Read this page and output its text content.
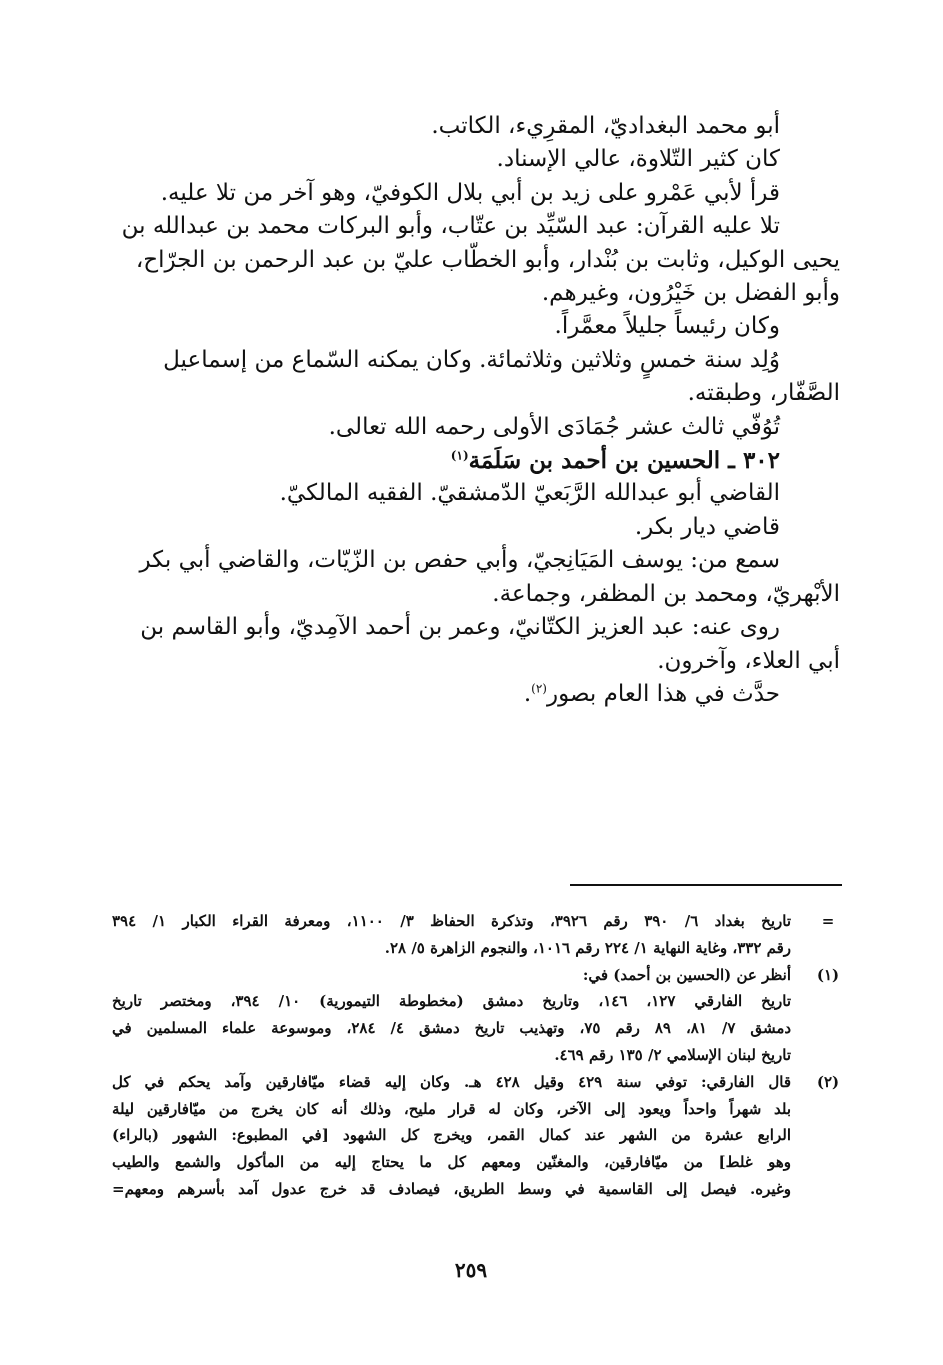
أبو محمد البغداديّ، المقرِيء، الكاتب.

كان كثير التّلاوة، عالي الإسناد.

قرأ لأبي عَمْرو على زيد بن أبي بلال الكوفيّ، وهو آخر من تلا عليه.

تلا عليه القرآن: عبد السّيِّد بن عتّاب، وأبو البركات محمد بن عبدالله بن

يحيى الوكيل، وثابت بن بُنْدار، وأبو الخطّاب عليّ بن عبد الرحمن بن الجرّاح،

وأبو الفضل بن خَيْرُون، وغيرهم.

وكان رئيساً جليلاً معمَّراً.

وُلِد سنة خمسٍ وثلاثين وثلاثمائة. وكان يمكنه السّماع من إسماعيل

الصَّفّار، وطبقته.

تُوُفّي ثالث عشر جُمَادَى الأولى رحمه الله تعالى.

٣٠٢ ـ الحسين بن أحمد بن سَلَمَة$^{(١)}$

القاضي أبو عبدالله الرَّبَعيّ الدّمشقيّ. الفقيه المالكيّ.

قاضي ديار بكر.

سمع من: يوسف المَيَانِجيّ، وأبي حفص بن الزّيّات، والقاضي أبي بكر

الأبْهريّ، ومحمد بن المظفر، وجماعة.

روى عنه: عبد العزيز الكتّانيّ، وعمر بن أحمد الآمِديّ، وأبو القاسم بن

أبي العلاء، وآخرون.

حدَّث في هذا العام بصور$^{(٢)}$.

=
تاريخ بغداد ٦/ ٣٩٠ رقم ٣٩٢٦، وتذكرة الحفاظ ٣/ ١١٠٠، ومعرفة القراء الكبار ١/ ٣٩٤
رقم ٣٣٢، وغاية النهاية ١/ ٢٢٤ رقم ١٠١٦، والنجوم الزاهرة ٥/ ٢٨.
(١)
أنظر عن (الحسين بن أحمد) في:
تاريخ الفارقي ١٢٧، ١٤٦، وتاريخ دمشق (مخطوطة التيمورية) ١٠/ ٣٩٤، ومختصر تاريخ
دمشق ٧/ ٨١، ٨٩ رقم ٧٥، وتهذيب تاريخ دمشق ٤/ ٢٨٤، وموسوعة علماء المسلمين في
تاريخ لبنان الإسلامي ٢/ ١٣٥ رقم ٤٦٩.
(٢)
قال الفارقي: توفي سنة ٤٢٩ وقيل ٤٢٨ هـ. وكان إليه قضاء ميّافارقين وآمد يحكم في كل
بلد شهراً واحداً ويعود إلى الآخر، وكان له قرار مليح، وذلك أنه كان يخرج من ميّافارقين ليلة
الرابع عشرة من الشهر عند كمال القمر، ويخرج كل الشهود [في المطبوع: الشهور (بالراء)
وهو غلط] من ميّافارقين، والمغنّين ومعهم كل ما يحتاج إليه من المأكول والشمع والطيب
وغيره. فيصل إلى القاسمية في وسط الطريق، فيصادف قد خرج عدول آمد بأسرهم ومعهم=
٢٥٩
